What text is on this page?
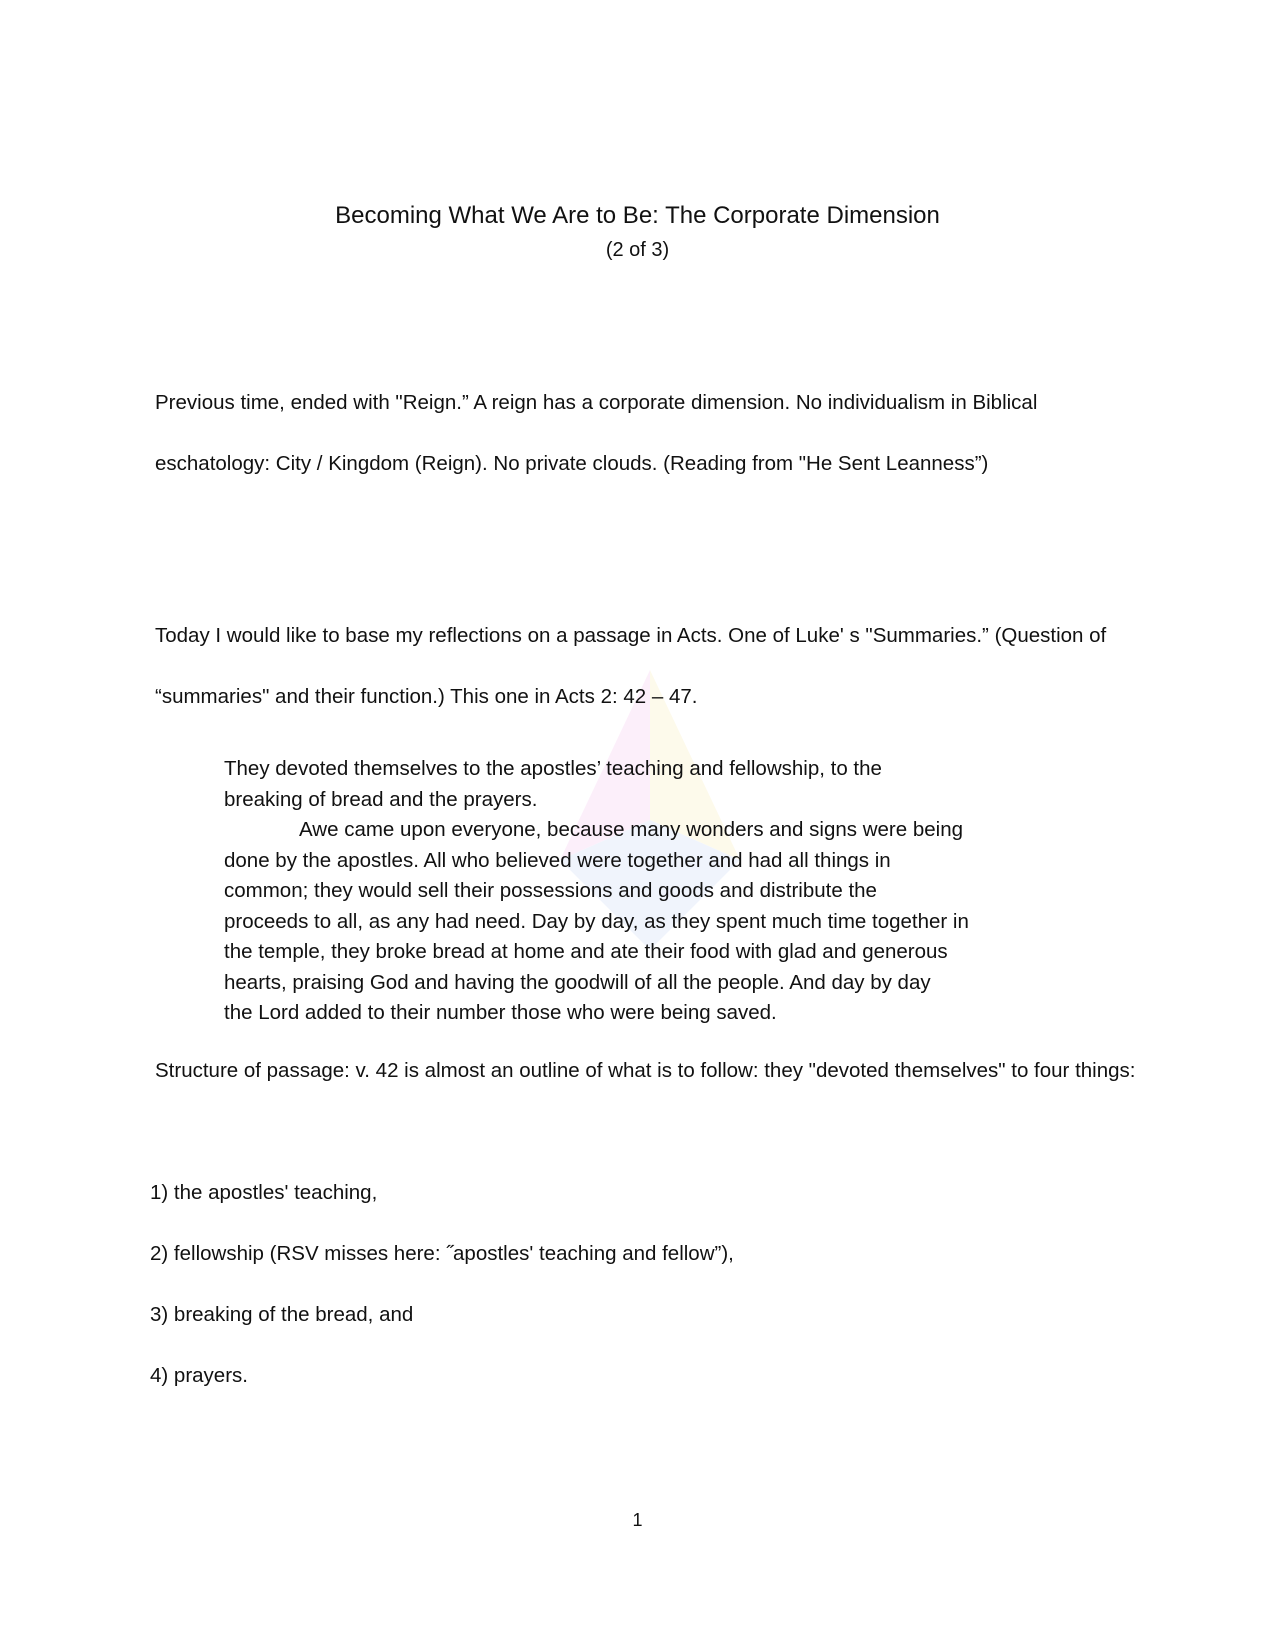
Becoming What We Are to Be: The Corporate Dimension
(2 of 3)

Previous time, ended with "Reign.” A reign has a corporate dimension. No individualism in Biblical eschatology: City / Kingdom (Reign). No private clouds. (Reading from "He Sent Leanness”)

Today I would like to base my reflections on a passage in Acts. One of Luke' s "Summaries.” (Question of “summaries" and their function.) This one in Acts 2: 42 – 47.

They devoted themselves to the apostles’ teaching and fellowship, to the
breaking of bread and the prayers.
Awe came upon everyone, because many wonders and signs were being
done by the apostles. All who believed were together and had all things in
common; they would sell their possessions and goods and distribute the
proceeds to all, as any had need. Day by day, as they spent much time together in
the temple, they broke bread at home and ate their food with glad and generous
hearts, praising God and having the goodwill of all the people. And day by day
the Lord added to their number those who were being saved.

Structure of passage: v. 42 is almost an outline of what is to follow: they "devoted themselves" to four things:

1) the apostles' teaching,
2) fellowship (RSV misses here: ˝apostles' teaching and fellow”),
3) breaking of the bread, and
4) prayers.
1
